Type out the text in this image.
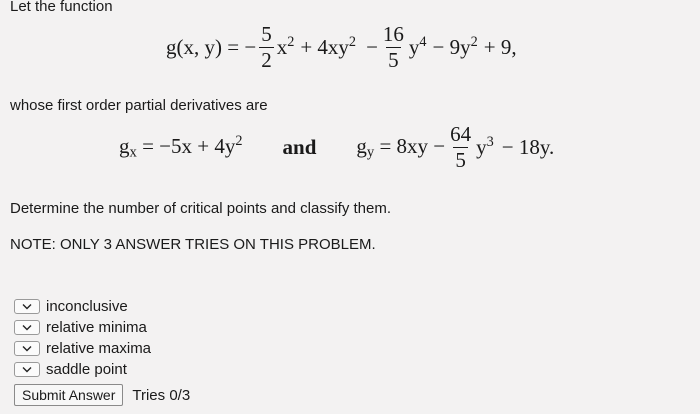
Let the function
g(x, y) = − $\frac{5}{2} x^2 + 4xy^2 - \frac{16}{5} y^4 - 9y^2 + 9$,
whose first order partial derivatives are
$g_x = -5x + 4y^2$ and $g_y = 8xy - \frac{64}{5} y^3 - 18y$.
Determine the number of critical points and classify them.
NOTE: ONLY 3 ANSWER TRIES ON THIS PROBLEM.
inconclusive
relative minima
relative maxima
saddle point
Submit Answer	Tries 0/3
